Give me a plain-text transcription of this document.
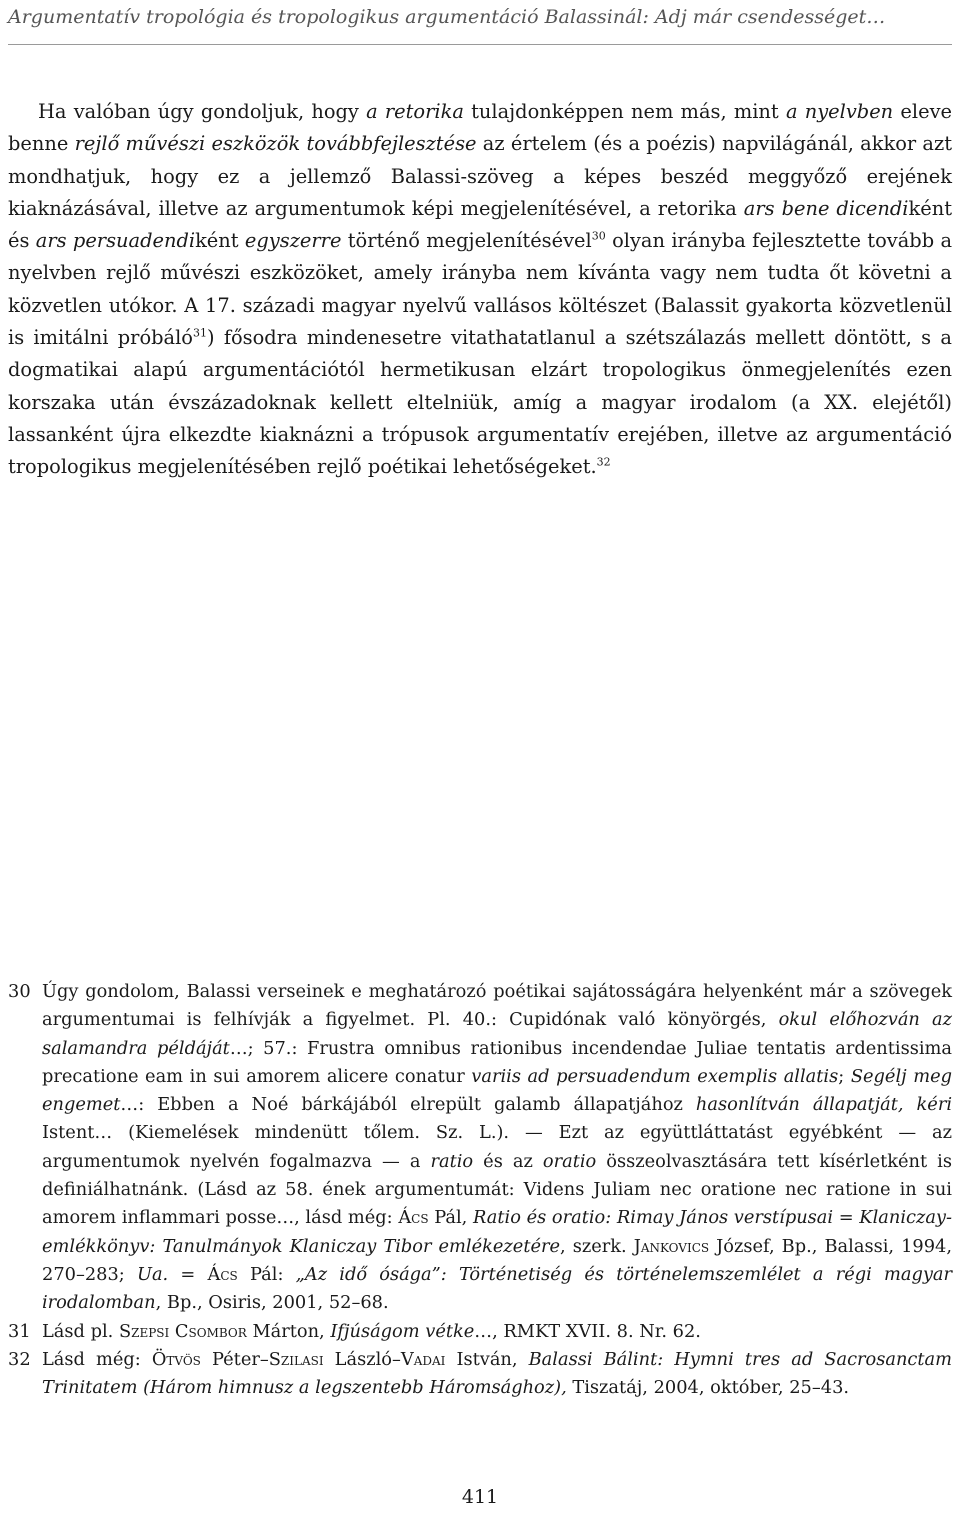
Argumentatív tropológia és tropologikus argumentáció Balassinál: Adj már csendességet…
Ha valóban úgy gondoljuk, hogy a retorika tulajdonképpen nem más, mint a nyelvben eleve benne rejlő művészi eszközök továbbfejlesztése az értelem (és a poézis) napvilágánál, akkor azt mondhatjuk, hogy ez a jellemző Balassi-szöveg a képes beszéd meggyőző erejének kiaknázásával, illetve az argumentumok képi megjelenítésével, a retorika ars bene dicendiként és ars persuadendiként egyszerre történő megjelenítésével$^{30}$ olyan irányba fejlesztette tovább a nyelvben rejlő művészi eszközöket, amely irányba nem kívánta vagy nem tudta őt követni a közvetlen utókor. A 17. századi magyar nyelvű vallásos költészet (Balassit gyakorta közvetlenül is imitálni próbáló$^{31}$) fősodra mindenesetre vitathatatlanul a szétszálazás mellett döntött, s a dogmatikai alapú argumentációtól hermetikusan elzárt tropologikus önmegjelenítés ezen korszaka után évszázadoknak kellett eltelniük, amíg a magyar irodalom (a XX. elejétől) lassanként újra elkezdte kiaknázni a trópusok argumentatív erejében, illetve az argumentáció tropologikus megjelenítésében rejlő poétikai lehetőségeket.$^{32}$
30 Úgy gondolom, Balassi verseinek e meghatározó poétikai sajátosságára helyenként már a szövegek argumentumai is felhívják a figyelmet. Pl. 40.: Cupidónak való könyörgés, okul előhozván az salamandra példáját…; 57.: Frustra omnibus rationibus incendendae Juliae tentatis ardentissima precatione eam in sui amorem alicere conatur variis ad persuadendum exemplis allatis; Segélj meg engemet…: Ebben a Noé bárkájából elrepült galamb állapatjához hasonlítván állapatját, kéri Istent… (Kiemelések mindenütt tőlem. Sz. L.). — Ezt az együttláttatást egyébként — az argumentumok nyelvén fogalmazva — a ratio és az oratio összeolvasztására tett kísérletként is definiálhatnánk. (Lásd az 58. ének argumentumát: Videns Juliam nec oratione nec ratione in sui amorem inflammari posse…, lásd még: Ács Pál, Ratio és oratio: Rimay János verstípusai = Klaniczay-emlékkönyv: Tanulmányok Klaniczay Tibor emlékezetére, szerk. Jankovics József, Bp., Balassi, 1994, 270–283; Ua. = Ács Pál: „Az idő ósága”: Történetiség és történelemszemlélet a régi magyar irodalomban, Bp., Osiris, 2001, 52–68.
31 Lásd pl. Szepsi Csombor Márton, Ifjúságom vétke…, RMKT XVII. 8. Nr. 62.
32 Lásd még: Ötvös Péter–Szilasi László–Vadai István, Balassi Bálint: Hymni tres ad Sacrosanctam Trinitatem (Három himnusz a legszentebb Háromsághoz), Tiszatáj, 2004, október, 25–43.
411
